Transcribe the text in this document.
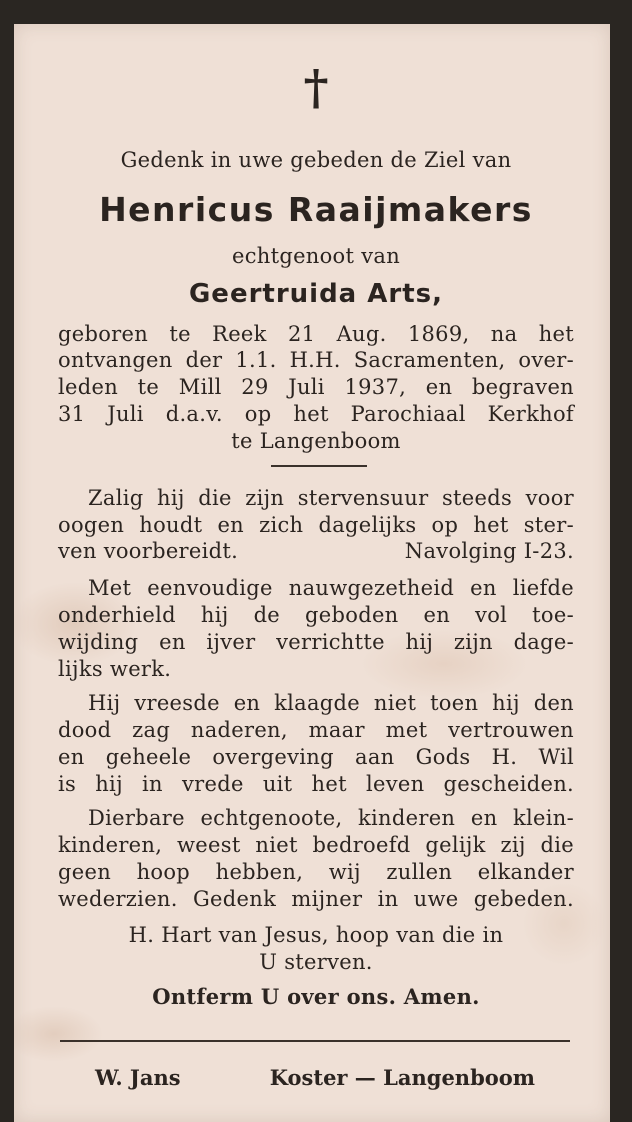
†
Gedenk in uwe gebeden de Ziel van
Henricus Raaijmakers
echtgenoot van
Geertruida Arts,
geboren te Reek 21 Aug. 1869, na het
ontvangen der 1.1. H.H. Sacramenten, over-
leden te Mill 29 Juli 1937, en begraven
31 Juli d.a.v. op het Parochiaal Kerkhof
te Langenboom
Zalig hij die zijn stervensuur steeds voor
oogen houdt en zich dagelijks op het ster-
ven voorbereidt.	Navolging I-23.
Met eenvoudige nauwgezetheid en liefde
onderhield hij de geboden en vol toe-
wijding en ijver verrichtte hij zijn dage-
lijks werk.
Hij vreesde en klaagde niet toen hij den
dood zag naderen, maar met vertrouwen
en geheele overgeving aan Gods H. Wil
is hij in vrede uit het leven gescheiden.
Dierbare echtgenoote, kinderen en klein-
kinderen, weest niet bedroefd gelijk zij die
geen hoop hebben, wij zullen elkander
wederzien. Gedenk mijner in uwe gebeden.
H. Hart van Jesus, hoop van die in
U sterven.
Ontferm U over ons. Amen.
W. Jans	Koster — Langenboom
